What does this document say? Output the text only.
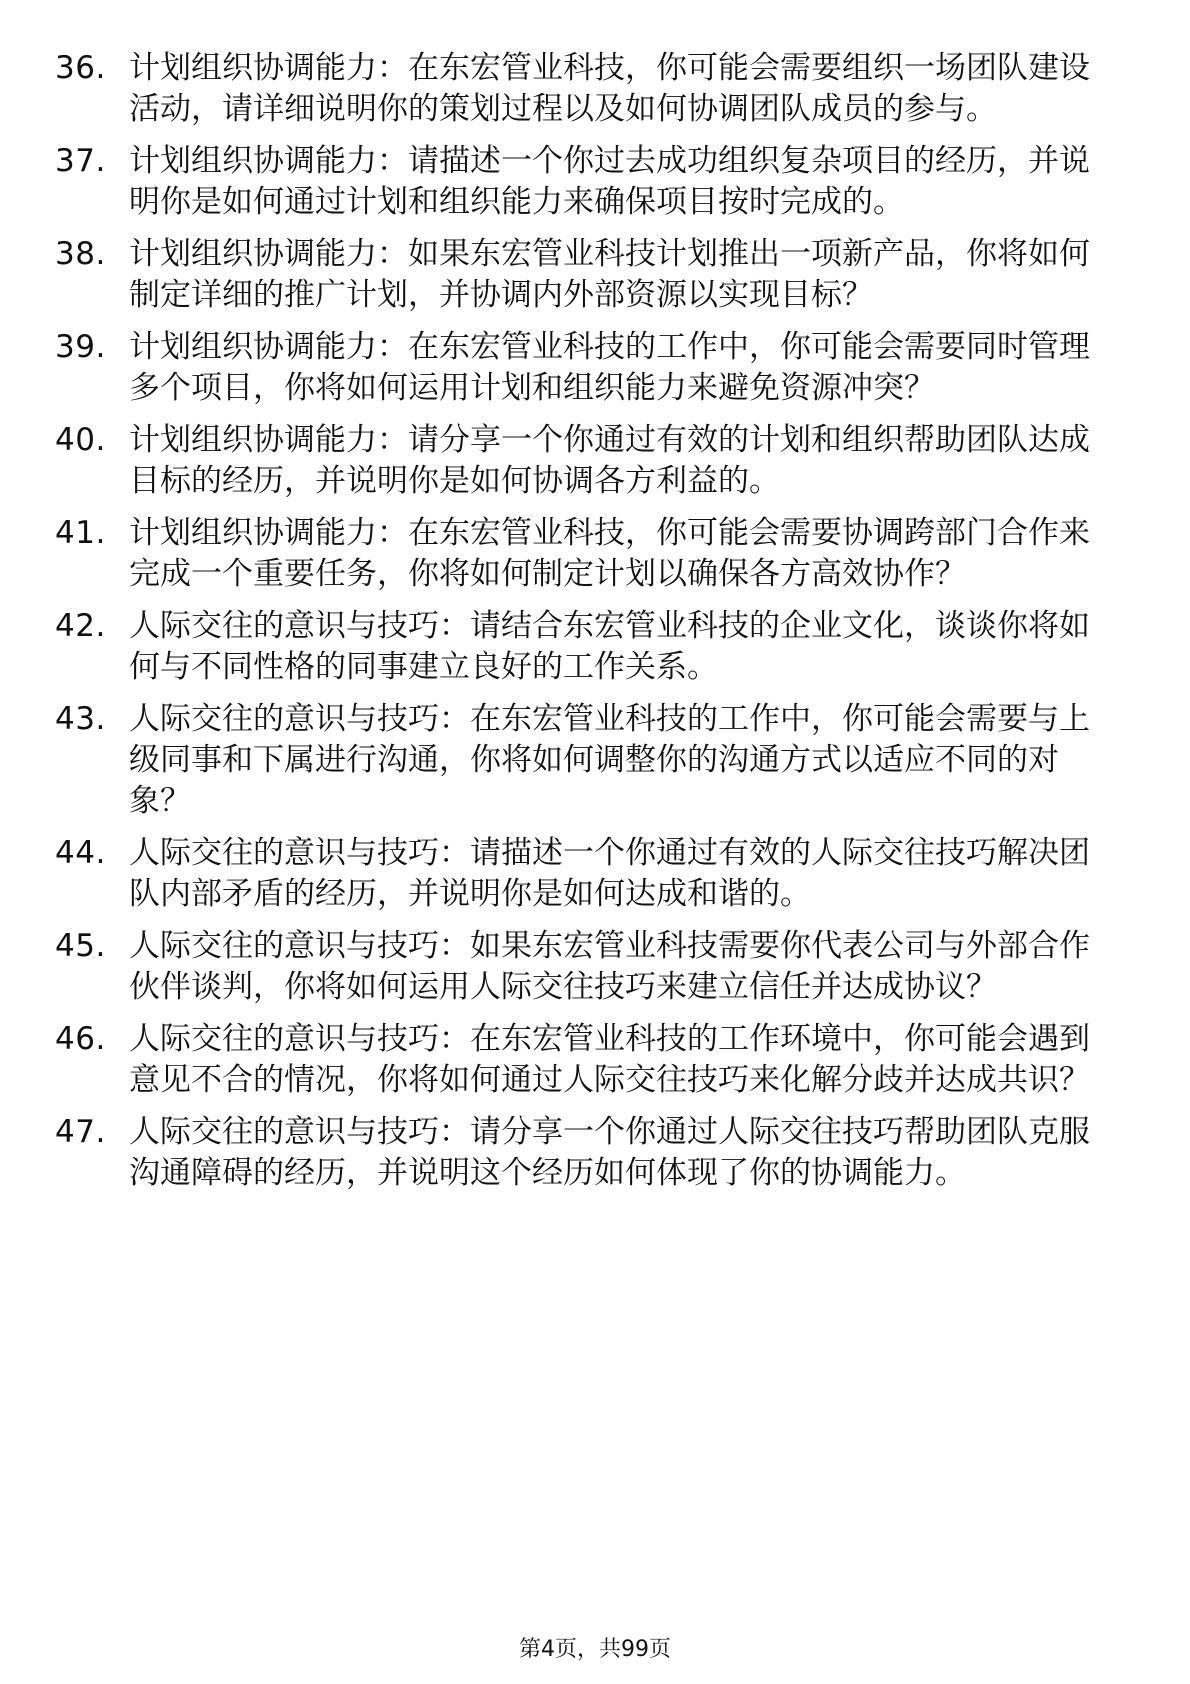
36. 计划组织协调能力：在东宏管业科技，你可能会需要组织一场团队建设活动，请详细说明你的策划过程以及如何协调团队成员的参与。
37. 计划组织协调能力：请描述一个你过去成功组织复杂项目的经历，并说明你是如何通过计划和组织能力来确保项目按时完成的。
38. 计划组织协调能力：如果东宏管业科技计划推出一项新产品，你将如何制定详细的推广计划，并协调内外部资源以实现目标？
39. 计划组织协调能力：在东宏管业科技的工作中，你可能会需要同时管理多个项目，你将如何运用计划和组织能力来避免资源冲突？
40. 计划组织协调能力：请分享一个你通过有效的计划和组织帮助团队达成目标的经历，并说明你是如何协调各方利益的。
41. 计划组织协调能力：在东宏管业科技，你可能会需要协调跨部门合作来完成一个重要任务，你将如何制定计划以确保各方高效协作？
42. 人际交往的意识与技巧：请结合东宏管业科技的企业文化，谈谈你将如何与不同性格的同事建立良好的工作关系。
43. 人际交往的意识与技巧：在东宏管业科技的工作中，你可能会需要与上级同事和下属进行沟通，你将如何调整你的沟通方式以适应不同的对象？
44. 人际交往的意识与技巧：请描述一个你通过有效的人际交往技巧解决团队内部矛盾的经历，并说明你是如何达成和谐的。
45. 人际交往的意识与技巧：如果东宏管业科技需要你代表公司与外部合作伙伴谈判，你将如何运用人际交往技巧来建立信任并达成协议？
46. 人际交往的意识与技巧：在东宏管业科技的工作环境中，你可能会遇到意见不合的情况，你将如何通过人际交往技巧来化解分歧并达成共识？
47. 人际交往的意识与技巧：请分享一个你通过人际交往技巧帮助团队克服沟通障碍的经历，并说明这个经历如何体现了你的协调能力。
第4页，共99页
